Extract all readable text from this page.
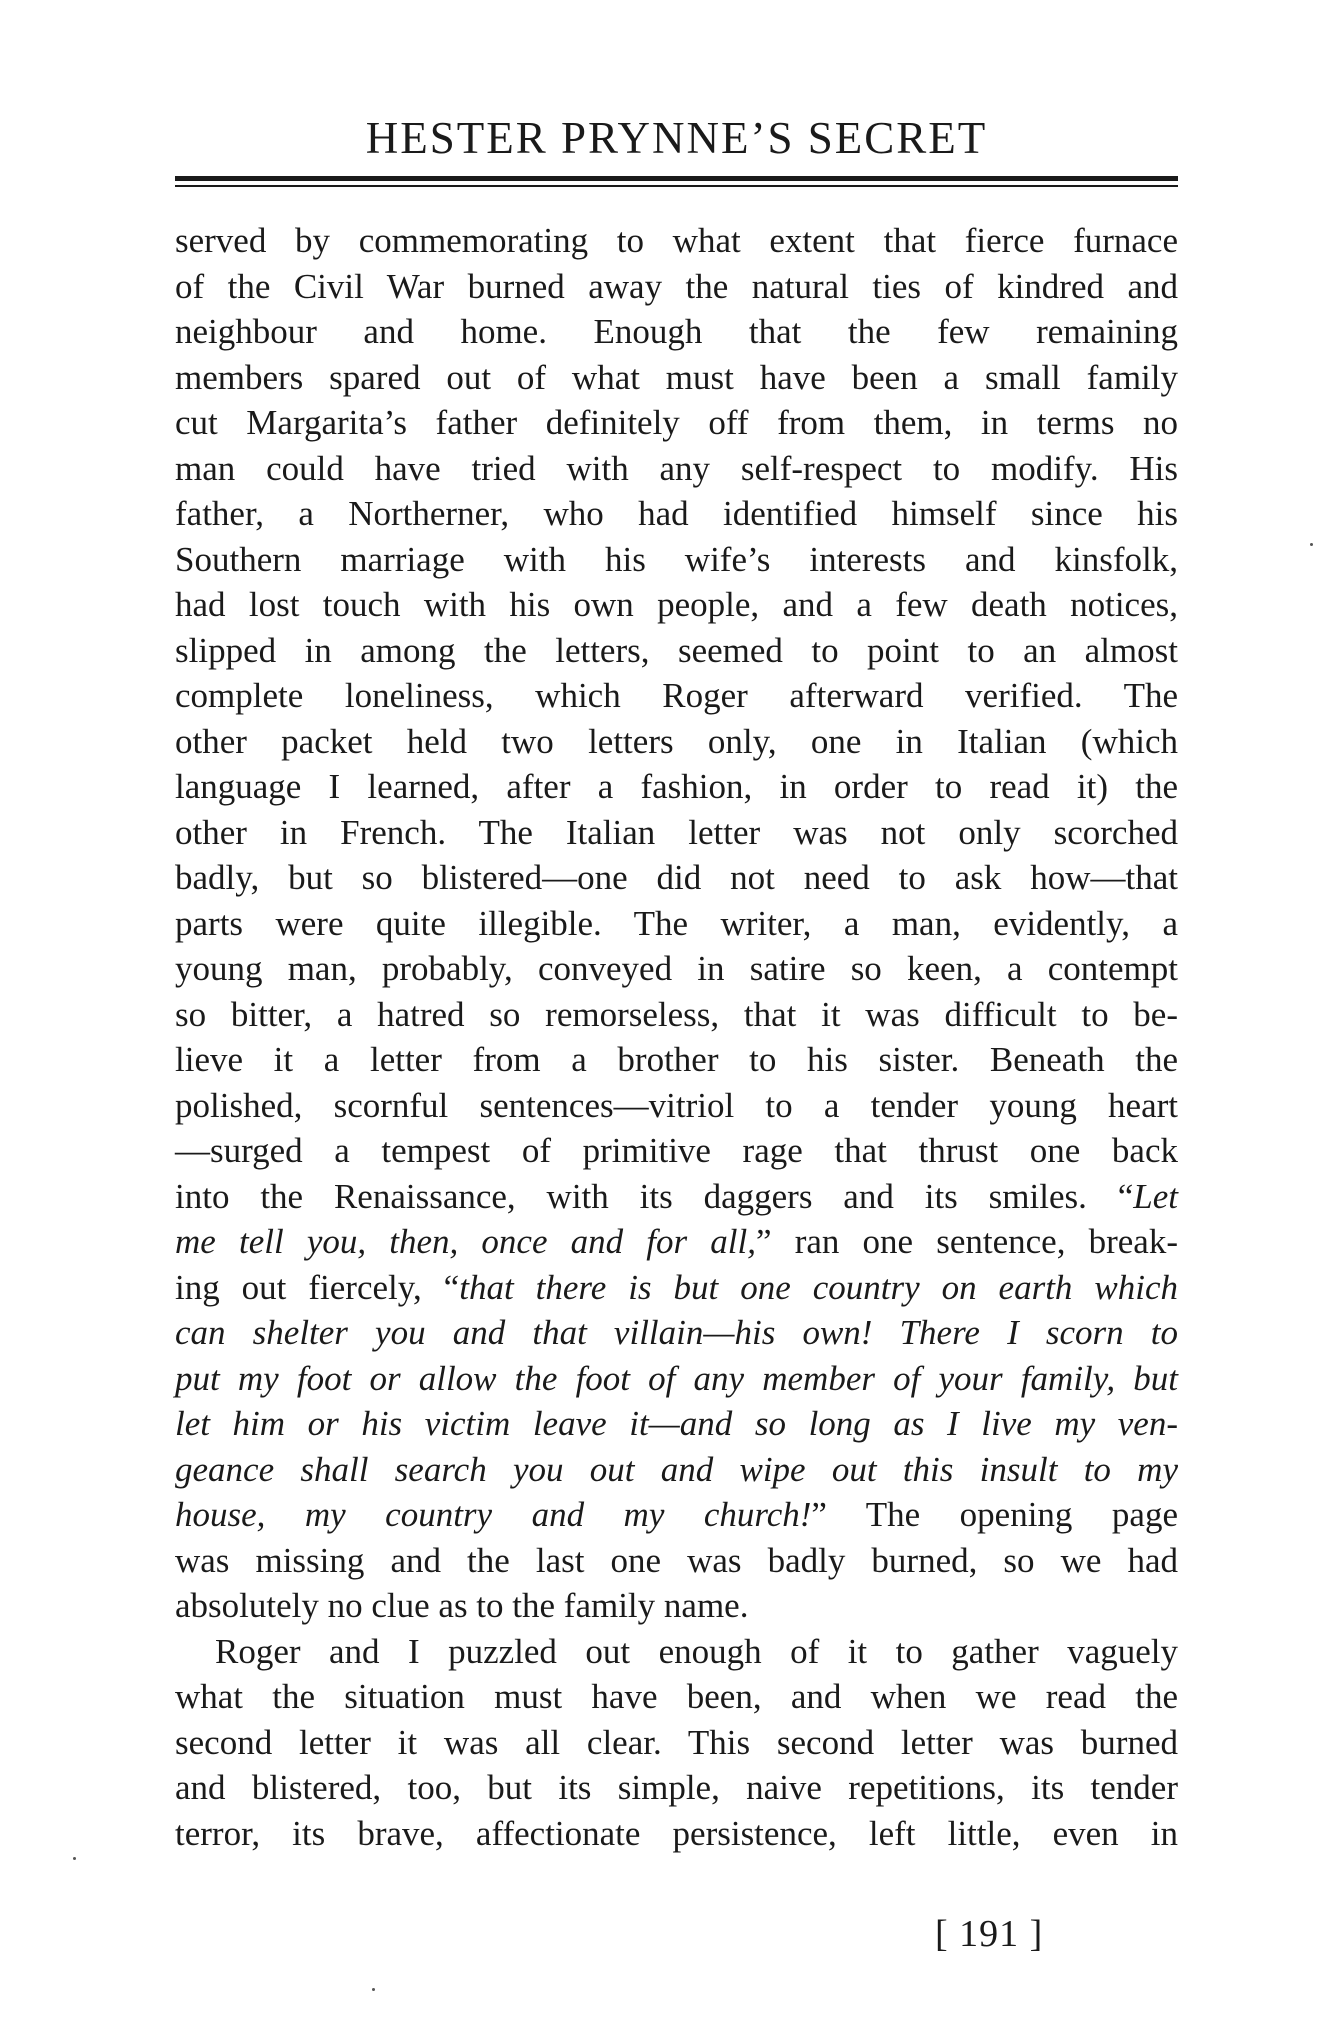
HESTER PRYNNE’S SECRET
served by commemorating to what extent that fierce furnace
of the Civil War burned away the natural ties of kindred and
neighbour and home. Enough that the few remaining
members spared out of what must have been a small family
cut Margarita’s father definitely off from them, in terms no
man could have tried with any self-respect to modify. His
father, a Northerner, who had identified himself since his
Southern marriage with his wife’s interests and kinsfolk,
had lost touch with his own people, and a few death notices,
slipped in among the letters, seemed to point to an almost
complete loneliness, which Roger afterward verified. The
other packet held two letters only, one in Italian (which
language I learned, after a fashion, in order to read it) the
other in French. The Italian letter was not only scorched
badly, but so blistered—one did not need to ask how—that
parts were quite illegible. The writer, a man, evidently, a
young man, probably, conveyed in satire so keen, a contempt
so bitter, a hatred so remorseless, that it was difficult to be-
lieve it a letter from a brother to his sister. Beneath the
polished, scornful sentences—vitriol to a tender young heart
—surged a tempest of primitive rage that thrust one back
into the Renaissance, with its daggers and its smiles. “Let
me tell you, then, once and for all,” ran one sentence, break-
ing out fiercely, “that there is but one country on earth which
can shelter you and that villain—his own! There I scorn to
put my foot or allow the foot of any member of your family, but
let him or his victim leave it—and so long as I live my ven-
geance shall search you out and wipe out this insult to my
house, my country and my church!” The opening page
was missing and the last one was badly burned, so we had
absolutely no clue as to the family name.
Roger and I puzzled out enough of it to gather vaguely
what the situation must have been, and when we read the
second letter it was all clear. This second letter was burned
and blistered, too, but its simple, naive repetitions, its tender
terror, its brave, affectionate persistence, left little, even in
[ 191 ]
